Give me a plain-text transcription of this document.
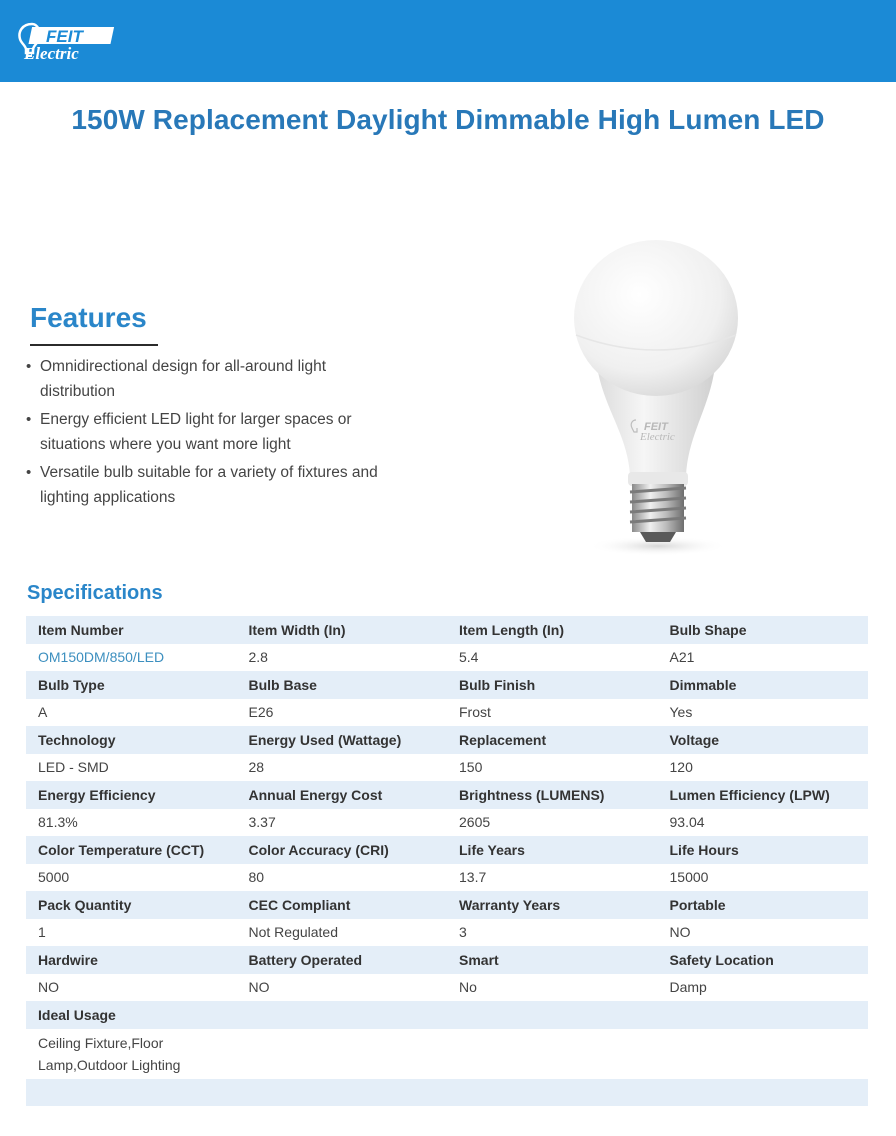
FEIT
Electric
150W Replacement Daylight Dimmable High Lumen LED
Features
• Omnidirectional design for all-around light distribution
• Energy efficient LED light for larger spaces or situations where you want more light
• Versatile bulb suitable for a variety of fixtures and lighting applications
FEIT
Electric
Specifications
Item Number	Item Width (In)	Item Length (In)	Bulb Shape
OM150DM/850/LED	2.8	5.4	A21
Bulb Type	Bulb Base	Bulb Finish	Dimmable
A	E26	Frost	Yes
Technology	Energy Used (Wattage)	Replacement	Voltage
LED - SMD	28	150	120
Energy Efficiency	Annual Energy Cost	Brightness (LUMENS)	Lumen Efficiency (LPW)
81.3%	3.37	2605	93.04
Color Temperature (CCT)	Color Accuracy (CRI)	Life Years	Life Hours
5000	80	13.7	15000
Pack Quantity	CEC Compliant	Warranty Years	Portable
1	Not Regulated	3	NO
Hardwire	Battery Operated	Smart	Safety Location
NO	NO	No	Damp
Ideal Usage			
Ceiling Fixture,Floor Lamp,Outdoor Lighting			
